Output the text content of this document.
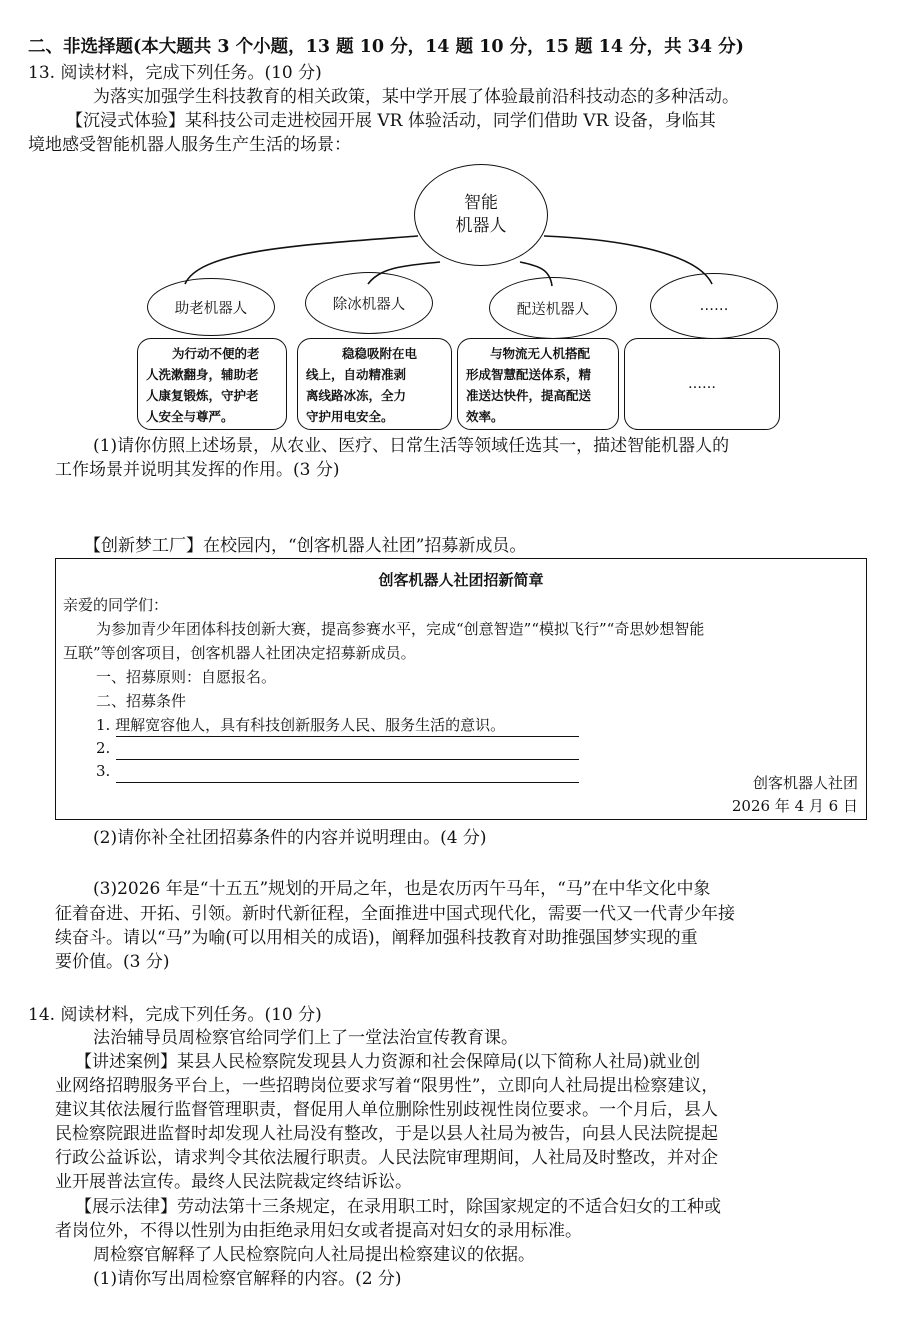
二、非选择题(本大题共 3 个小题，13 题 10 分，14 题 10 分，15 题 14 分，共 34 分)
13. 阅读材料，完成下列任务。(10 分)
为落实加强学生科技教育的相关政策，某中学开展了体验最前沿科技动态的多种活动。
【沉浸式体验】某科技公司走进校园开展 VR 体验活动，同学们借助 VR 设备，身临其
境地感受智能机器人服务生产生活的场景：
智能
机器人
助老机器人	除冰机器人	配送机器人	……
为行动不便的老
人洗漱翻身，辅助老
人康复锻炼，守护老
人安全与尊严。
稳稳吸附在电
线上，自动精准剥
离线路冰冻，全力
守护用电安全。
与物流无人机搭配
形成智慧配送体系，精
准送达快件，提高配送
效率。
……
(1)请你仿照上述场景，从农业、医疗、日常生活等领域任选其一，描述智能机器人的
工作场景并说明其发挥的作用。(3 分)
【创新梦工厂】在校园内，“创客机器人社团”招募新成员。
创客机器人社团招新简章
亲爱的同学们：
为参加青少年团体科技创新大赛，提高参赛水平，完成“创意智造”“模拟飞行”“奇思妙想智能
互联”等创客项目，创客机器人社团决定招募新成员。
一、招募原则：自愿报名。
二、招募条件
1. 理解宽容他人，具有科技创新服务人民、服务生活的意识。
2.
3.
创客机器人社团
2026 年 4 月 6 日
(2)请你补全社团招募条件的内容并说明理由。(4 分)
(3)2026 年是“十五五”规划的开局之年，也是农历丙午马年，“马”在中华文化中象
征着奋进、开拓、引领。新时代新征程，全面推进中国式现代化，需要一代又一代青少年接
续奋斗。请以“马”为喻(可以用相关的成语)，阐释加强科技教育对助推强国梦实现的重
要价值。(3 分)
14. 阅读材料，完成下列任务。(10 分)
法治辅导员周检察官给同学们上了一堂法治宣传教育课。
【讲述案例】某县人民检察院发现县人力资源和社会保障局(以下简称人社局)就业创
业网络招聘服务平台上，一些招聘岗位要求写着“限男性”，立即向人社局提出检察建议，
建议其依法履行监督管理职责，督促用人单位删除性别歧视性岗位要求。一个月后，县人
民检察院跟进监督时却发现人社局没有整改，于是以县人社局为被告，向县人民法院提起
行政公益诉讼，请求判令其依法履行职责。人民法院审理期间，人社局及时整改，并对企
业开展普法宣传。最终人民法院裁定终结诉讼。
【展示法律】劳动法第十三条规定，在录用职工时，除国家规定的不适合妇女的工种或
者岗位外，不得以性别为由拒绝录用妇女或者提高对妇女的录用标准。
周检察官解释了人民检察院向人社局提出检察建议的依据。
(1)请你写出周检察官解释的内容。(2 分)
